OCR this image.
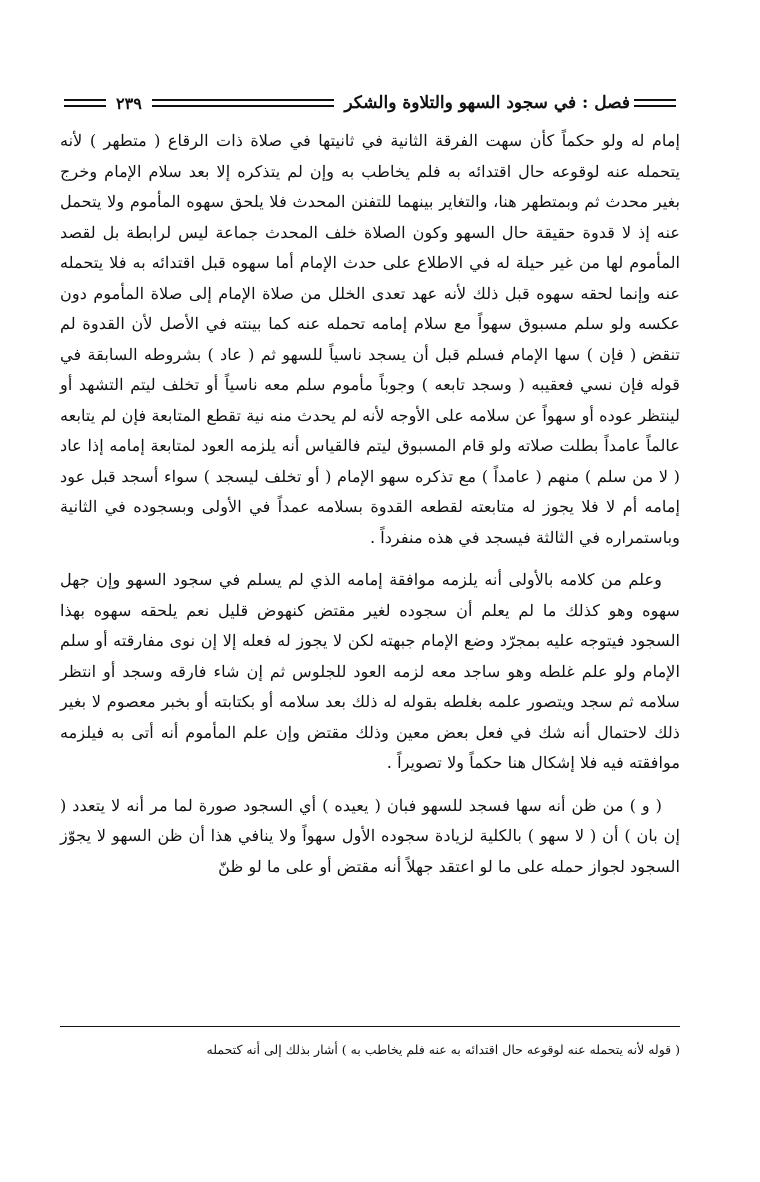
فصل : في سجود السهو والتلاوة والشكر
٢٣٩

إمام له ولو حكماً كأن سهت الفرقة الثانية في ثانيتها في صلاة ذات الرقاع ( متطهر ) لأنه يتحمله عنه لوقوعه حال اقتدائه به فلم يخاطب به وإن لم يتذكره إلا بعد سلام الإمام وخرج بغير محدث ثم وبمتطهر هنا، والتغاير بينهما للتفنن المحدث فلا يلحق سهوه المأموم ولا يتحمل عنه إذ لا قدوة حقيقة حال السهو وكون الصلاة خلف المحدث جماعة ليس لرابطة بل لقصد المأموم لها من غير حيلة له في الاطلاع على حدث الإمام أما سهوه قبل اقتدائه به فلا يتحمله عنه وإنما لحقه سهوه قبل ذلك لأنه عهد تعدى الخلل من صلاة الإمام إلى صلاة المأموم دون عكسه ولو سلم مسبوق سهواً مع سلام إمامه تحمله عنه كما بينته في الأصل لأن القدوة لم تنقض ( فإن ) سها الإمام فسلم قبل أن يسجد ناسياً للسهو ثم ( عاد ) بشروطه السابقة في قوله فإن نسي فعقيبه ( وسجد تابعه ) وجوباً مأموم سلم معه ناسياً أو تخلف ليتم التشهد أو لينتظر عوده أو سهواً عن سلامه على الأوجه لأنه لم يحدث منه نية تقطع المتابعة فإن لم يتابعه عالماً عامداً بطلت صلاته ولو قام المسبوق ليتم فالقياس أنه يلزمه العود لمتابعة إمامه إذا عاد ( لا من سلم ) منهم ( عامداً ) مع تذكره سهو الإمام ( أو تخلف ليسجد ) سواء أسجد قبل عود إمامه أم لا فلا يجوز له متابعته لقطعه القدوة بسلامه عمداً في الأولى وبسجوده في الثانية وباستمراره في الثالثة فيسجد في هذه منفرداً .

وعلم من كلامه بالأولى أنه يلزمه موافقة إمامه الذي لم يسلم في سجود السهو وإن جهل سهوه وهو كذلك ما لم يعلم أن سجوده لغير مقتض كنهوض قليل نعم يلحقه سهوه بهذا السجود فيتوجه عليه بمجرّد وضع الإمام جبهته لكن لا يجوز له فعله إلا إن نوى مفارقته أو سلم الإمام ولو علم غلطه وهو ساجد معه لزمه العود للجلوس ثم إن شاء فارقه وسجد أو انتظر سلامه ثم سجد ويتصور علمه بغلطه بقوله له ذلك بعد سلامه أو بكتابته أو بخبر معصوم لا بغير ذلك لاحتمال أنه شك في فعل بعض معين وذلك مقتض وإن علم المأموم أنه أتى به فيلزمه موافقته فيه فلا إشكال هنا حكماً ولا تصويراً .

( و ) من ظن أنه سها فسجد للسهو فبان ( يعيده ) أي السجود صورة لما مر أنه لا يتعدد ( إن بان ) أن ( لا سهو ) بالكلية لزيادة سجوده الأول سهواً ولا ينافي هذا أن ظن السهو لا يجوّز السجود لجواز حمله على ما لو اعتقد جهلاً أنه مقتض أو على ما لو ظنّ

( قوله لأنه يتحمله عنه لوقوعه حال اقتدائه به عنه فلم يخاطب به ) أشار بذلك إلى أنه كتحمله
